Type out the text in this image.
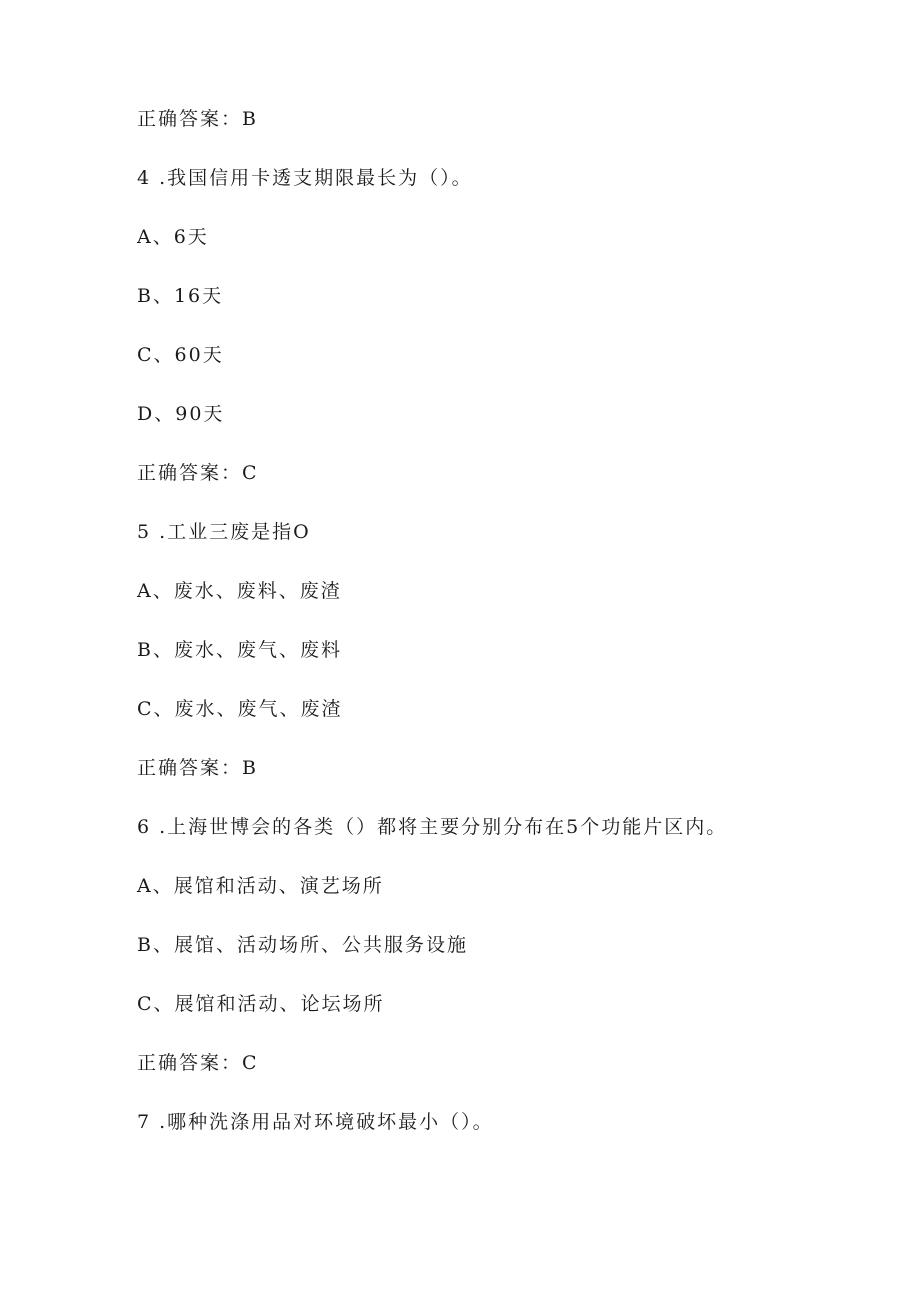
正确答案：B
4 .我国信用卡透支期限最长为（）。
A、6天
B、16天
C、60天
D、90天
正确答案：C
5 .工业三废是指O
A、废水、废料、废渣
B、废水、废气、废料
C、废水、废气、废渣
正确答案：B
6 .上海世博会的各类（）都将主要分别分布在5个功能片区内。
A、展馆和活动、演艺场所
B、展馆、活动场所、公共服务设施
C、展馆和活动、论坛场所
正确答案：C
7 .哪种洗涤用品对环境破坏最小（）。
